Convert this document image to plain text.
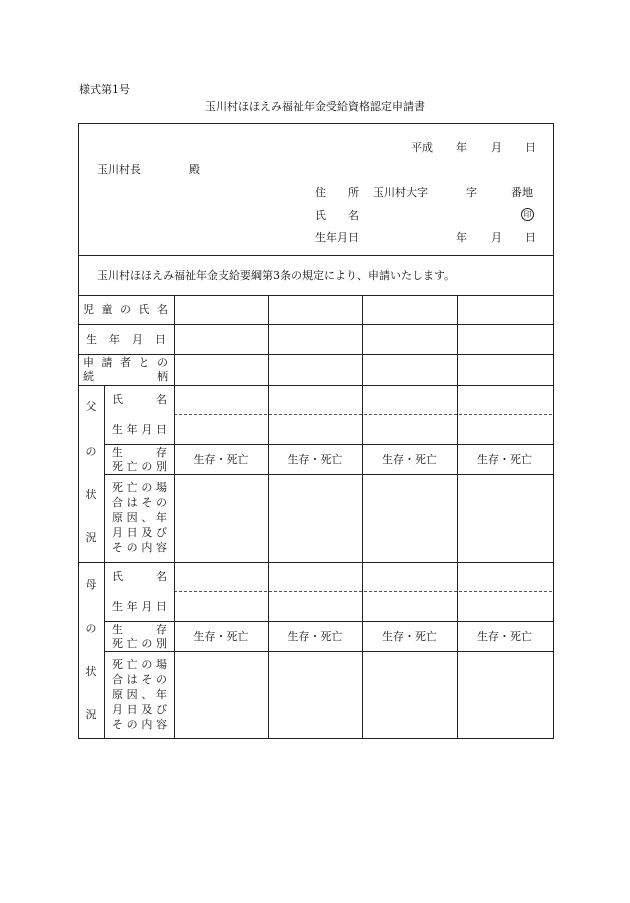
様式第1号
玉川村ほほえみ福祉年金受給資格認定申請書
平成 年 月 日
玉川村長	殿
住 所 玉川村大字	字	番地
氏 名	印
生年月日	年 月 日
玉川村ほほえみ福祉年金支給要綱第3条の規定により、申請いたします。
児 童 の 氏 名
生 年 月 日
申 請 者 と の
続	柄
父
の
状
況
氏	名
生 年 月 日
生	存
死 亡 の 別
死 亡 の 場
合 は そ の
原 因 、 年
月 日 及 び
そ の 内 容
生存・死亡	生存・死亡	生存・死亡	生存・死亡
母
の
状
況
氏	名
生 年 月 日
生	存
死 亡 の 別
死 亡 の 場
合 は そ の
原 因 、 年
月 日 及 び
そ の 内 容
生存・死亡	生存・死亡	生存・死亡	生存・死亡
